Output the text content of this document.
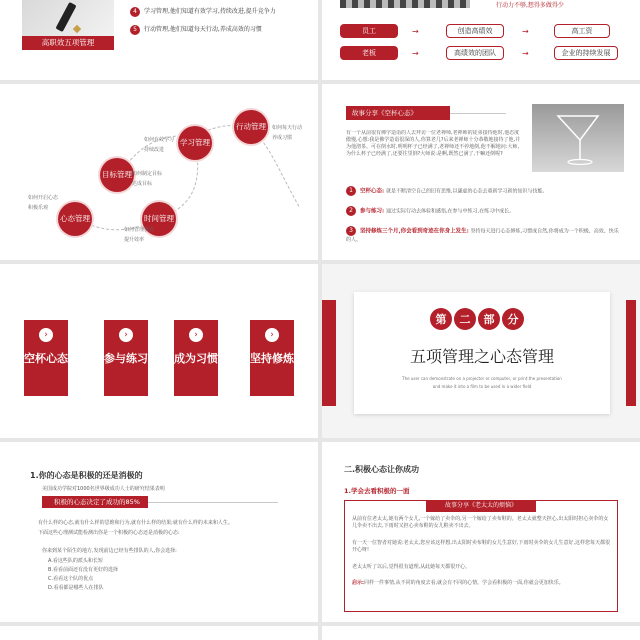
高职效五项管理
4 学习管理,他们知道有效学习,持续改进,提升竞争力
5 行动管理,他们知道每天行动,养成高效的习惯
行动力不够,想得多做得少
员工	创造高绩效	高工资
老板	高绩效的团队	企业的持续发展
→	→
→	→
心态管理
目标管理
时间管理
学习管理
行动管理
如何开启心态
积极乐观
如何制定目标
达成目标
如何管理要点
提升效率
如何有效学习
持续改进
如何每天行动
养成习惯
故事分享《空杯心态》
有一个从前很有佛学造诣的人去拜访一位老禅师,老禅师的徒弟接待他时,他态度傲慢,心想:我是佛学造诣很深的人,你算老几?后来老禅师十分恭敬地接待了他,并为他沏茶。可在倒水时,明明杯子已经满了,老禅师还不停地倒,他不解地问:大师,为什么杯子已经满了,还要往里倒?大师说:是啊,既然已满了,干嘛还倒呢?
1 空杯心态: 就是不断清空自己的旧有思维,以谦虚的心态去重新学习新的知识与技能。
2 参与练习: 通过实际行动去体验和感悟,在参与中练习,在练习中成长。
3 坚持修炼三个月,你会看到奇迹在你身上发生: 坚持每天进行心态修炼,习惯成自然,你将成为一个积极、高效、快乐的人。
›
空杯心态
›
参与练习
›
成为习惯
›
坚持修炼
第	二	部	分
五项管理之心态管理
The user can demonstrate on a projector or computer, or print the presentation
and make it into a film to be used in a wider field
1.你的心态是积极的还是消极的
美国成功学院对1000名世界级成功人士的研究结果表明
积极的心态决定了成功的85%
有什么样的心态,就有什么样的思维和行为,就有什么样的结果;就有什么样的未来和人生。
下面这些心理测试能检测出你是一个积极的心态还是消极的心态:
你来到某个陌生的地方,发现前边已经有些排队的人,你会选择:
A.看这些队的派头和长短
B.看看前面还有没有更好的选择
C.看看这个队的优点
D.看看都是哪些人在排队
二.积极心态让你成功
1.学会去看积极的一面
故事分享《老太太的烦恼》
从前有位老太太,她有两个女儿,一个嫁给了卖伞的,另一个嫁给了卖布鞋的。老太太就整天担心,出太阳时担心卖伞的女儿伞卖不出去,下雨时又担心卖布鞋的女儿鞋卖不出去。
有一天一位智者对她说:老太太,您应该这样想,出太阳时卖布鞋的女儿生意好,下雨时卖伞的女儿生意好,这样您每天都很开心呀!
老太太听了以后,觉得很有道理,从此她每天都很开心。
启示:同样一件事情,从不同的角度去看,就会有不同的心情。学会看积极的一面,你就会更加快乐。
